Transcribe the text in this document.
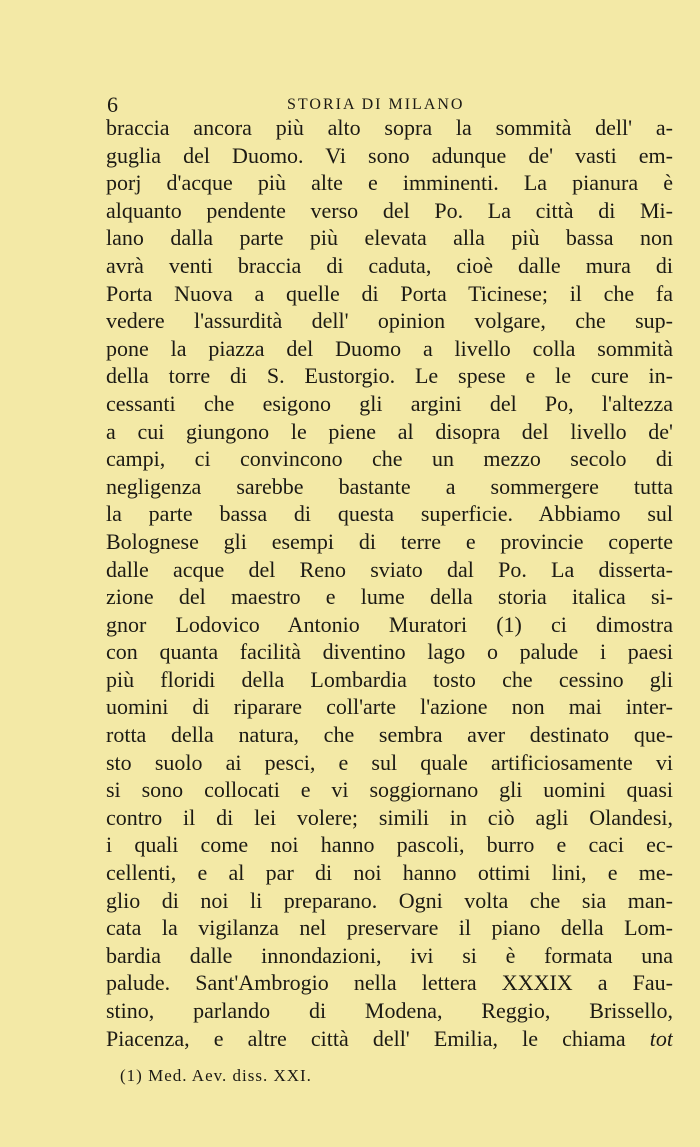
6	STORIA DI MILANO
braccia ancora più alto sopra la sommità dell' a-
guglia del Duomo. Vi sono adunque de' vasti em-
porj d'acque più alte e imminenti. La pianura è
alquanto pendente verso del Po. La città di Mi-
lano dalla parte più elevata alla più bassa non
avrà venti braccia di caduta, cioè dalle mura di
Porta Nuova a quelle di Porta Ticinese; il che fa
vedere l'assurdità dell' opinion volgare, che sup-
pone la piazza del Duomo a livello colla sommità
della torre di S. Eustorgio. Le spese e le cure in-
cessanti che esigono gli argini del Po, l'altezza
a cui giungono le piene al disopra del livello de'
campi, ci convincono che un mezzo secolo di
negligenza sarebbe bastante a sommergere tutta
la parte bassa di questa superficie. Abbiamo sul
Bolognese gli esempi di terre e provincie coperte
dalle acque del Reno sviato dal Po. La disserta-
zione del maestro e lume della storia italica si-
gnor Lodovico Antonio Muratori (1) ci dimostra
con quanta facilità diventino lago o palude i paesi
più floridi della Lombardia tosto che cessino gli
uomini di riparare coll'arte l'azione non mai inter-
rotta della natura, che sembra aver destinato que-
sto suolo ai pesci, e sul quale artificiosamente vi
si sono collocati e vi soggiornano gli uomini quasi
contro il di lei volere; simili in ciò agli Olandesi,
i quali come noi hanno pascoli, burro e caci ec-
cellenti, e al par di noi hanno ottimi lini, e me-
glio di noi li preparano. Ogni volta che sia man-
cata la vigilanza nel preservare il piano della Lom-
bardia dalle innondazioni, ivi si è formata una
palude. Sant'Ambrogio nella lettera XXXIX a Fau-
stino, parlando di Modena, Reggio, Brissello,
Piacenza, e altre città dell' Emilia, le chiama tot
(1) Med. Aev. diss. XXI.
